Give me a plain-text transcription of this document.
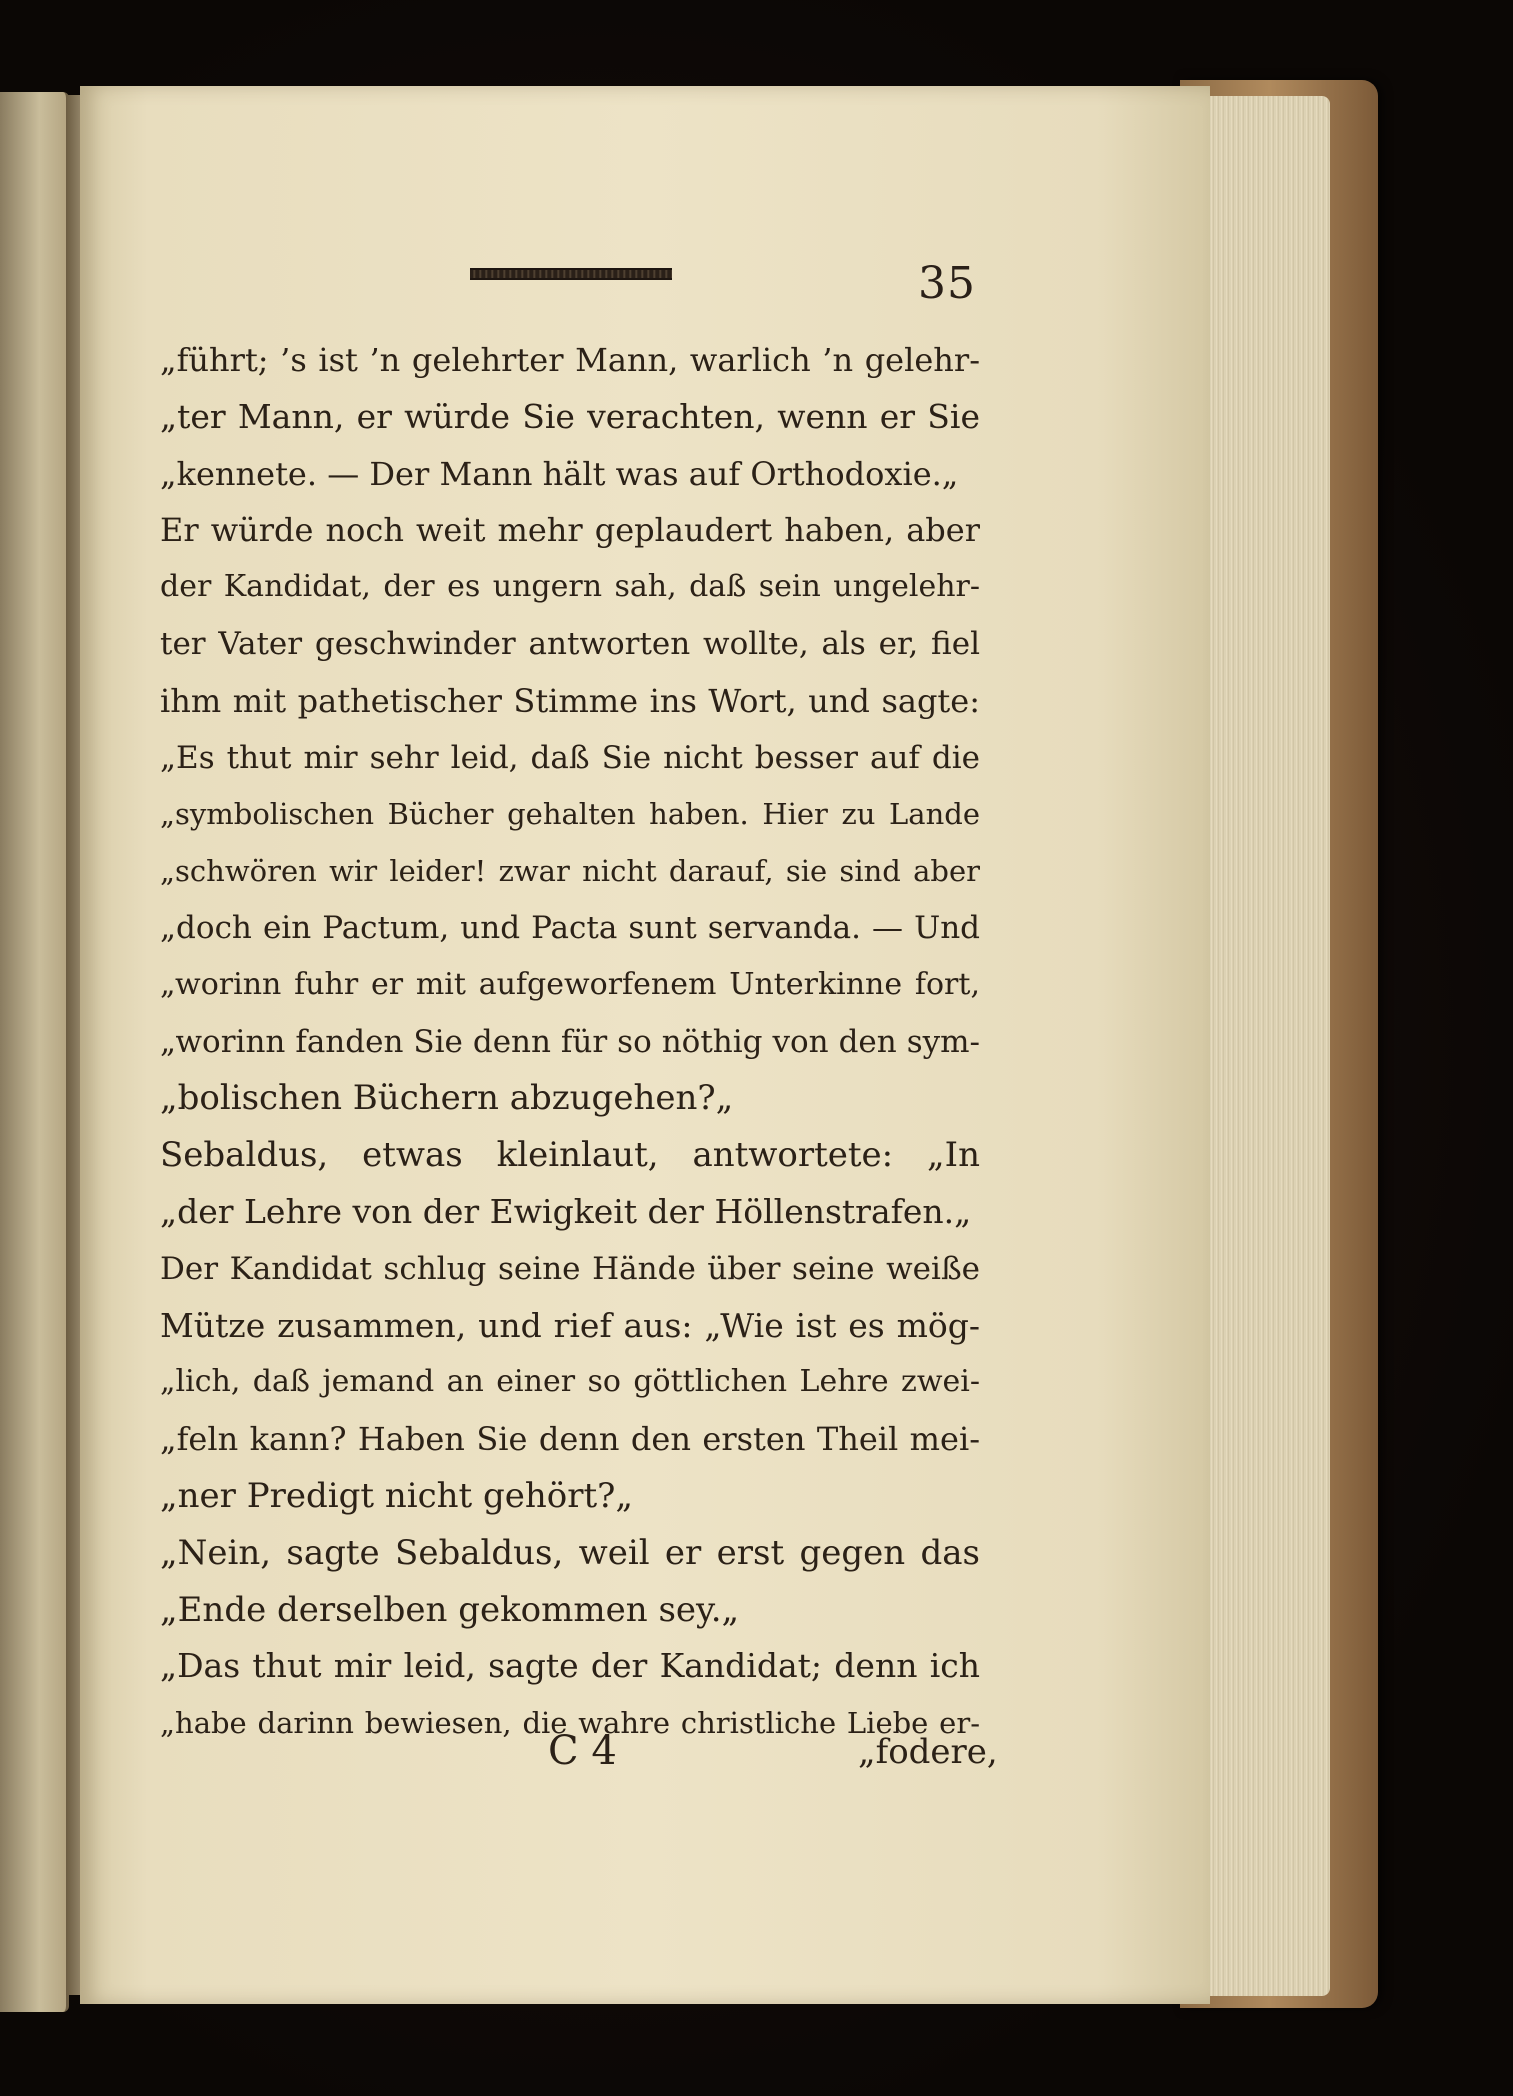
35
„führt; ’s ist ’n gelehrter Mann, warlich ’n gelehr-
„ter Mann, er würde Sie verachten, wenn er Sie
„kennete. — Der Mann hält was auf Orthodoxie.„
Er würde noch weit mehr geplaudert haben, aber
der Kandidat, der es ungern sah, daß sein ungelehr-
ter Vater geschwinder antworten wollte, als er, fiel
ihm mit pathetischer Stimme ins Wort, und sagte:
„Es thut mir sehr leid, daß Sie nicht besser auf die
„symbolischen Bücher gehalten haben. Hier zu Lande
„schwören wir leider! zwar nicht darauf, sie sind aber
„doch ein Pactum, und Pacta sunt servanda. — Und
„worinn fuhr er mit aufgeworfenem Unterkinne fort,
„worinn fanden Sie denn für so nöthig von den sym-
„bolischen Büchern abzugehen?„
Sebaldus, etwas kleinlaut, antwortete: „In
„der Lehre von der Ewigkeit der Höllenstrafen.„
Der Kandidat schlug seine Hände über seine weiße
Mütze zusammen, und rief aus: „Wie ist es mög-
„lich, daß jemand an einer so göttlichen Lehre zwei-
„feln kann? Haben Sie denn den ersten Theil mei-
„ner Predigt nicht gehört?„
„Nein, sagte Sebaldus, weil er erst gegen das
„Ende derselben gekommen sey.„
„Das thut mir leid, sagte der Kandidat; denn ich
„habe darinn bewiesen, die wahre christliche Liebe er-
C 4	„fodere,
